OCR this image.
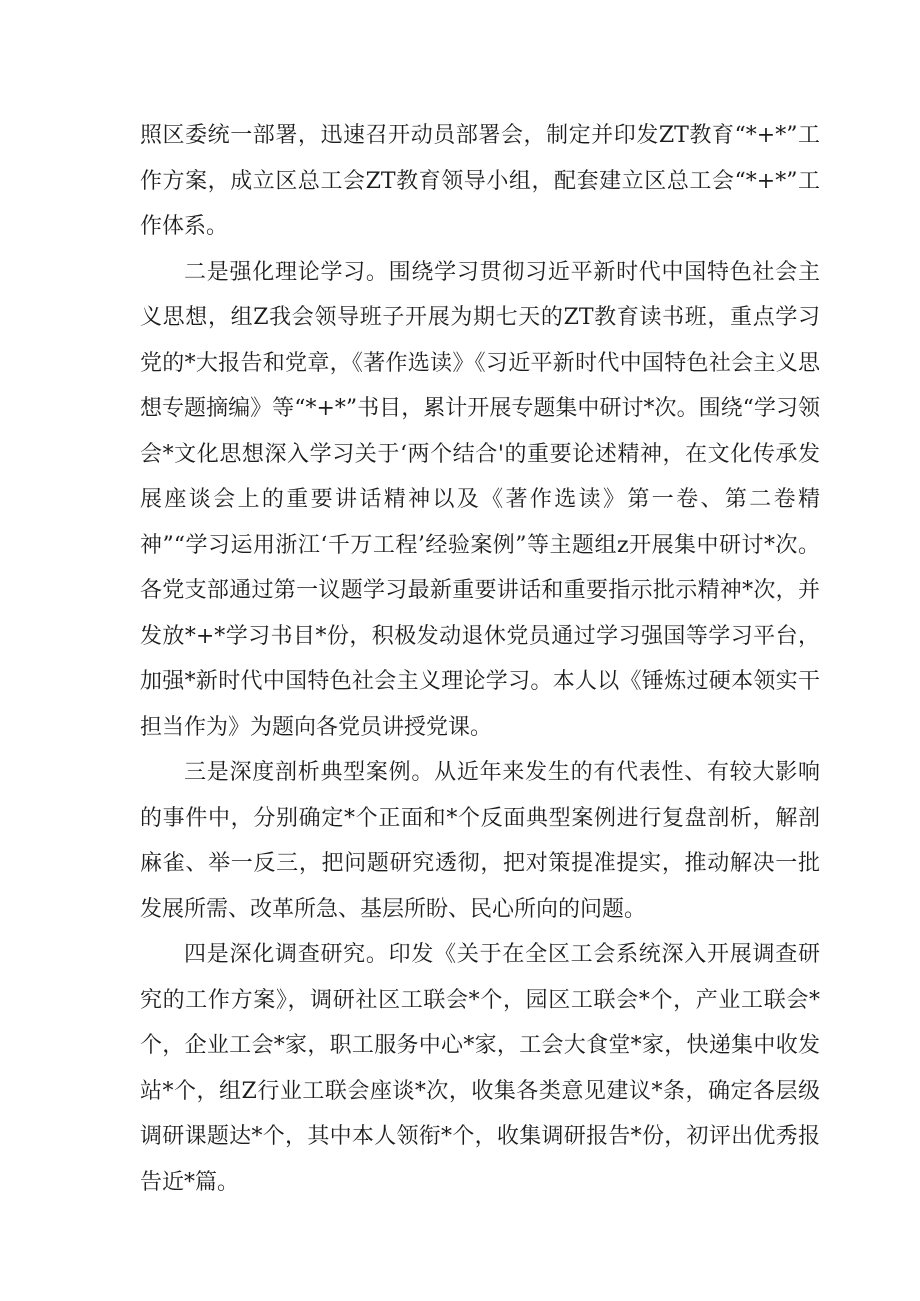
照区委统一部署，迅速召开动员部署会，制定并印发ZT教育“*+*”工作方案，成立区总工会ZT教育领导小组，配套建立区总工会“*+*”工作体系。

二是强化理论学习。围绕学习贯彻习近平新时代中国特色社会主义思想，组Z我会领导班子开展为期七天的ZT教育读书班，重点学习党的*大报告和党章，《著作选读》《习近平新时代中国特色社会主义思想专题摘编》等“*+*”书目，累计开展专题集中研讨*次。围绕“学习领会*文化思想深入学习关于‘两个结合'的重要论述精神，在文化传承发展座谈会上的重要讲话精神以及《著作选读》第一卷、第二卷精神”“学习运用浙江‘千万工程’经验案例”等主题组z开展集中研讨*次。各党支部通过第一议题学习最新重要讲话和重要指示批示精神*次，并发放*+*学习书目*份，积极发动退休党员通过学习强国等学习平台，加强*新时代中国特色社会主义理论学习。本人以《锤炼过硬本领实干担当作为》为题向各党员讲授党课。

三是深度剖析典型案例。从近年来发生的有代表性、有较大影响的事件中，分别确定*个正面和*个反面典型案例进行复盘剖析，解剖麻雀、举一反三，把问题研究透彻，把对策提准提实，推动解决一批发展所需、改革所急、基层所盼、民心所向的问题。

四是深化调查研究。印发《关于在全区工会系统深入开展调查研究的工作方案》，调研社区工联会*个，园区工联会*个，产业工联会*个，企业工会*家，职工服务中心*家，工会大食堂*家，快递集中收发站*个，组Z行业工联会座谈*次，收集各类意见建议*条，确定各层级调研课题达*个，其中本人领衔*个，收集调研报告*份，初评出优秀报告近*篇。
